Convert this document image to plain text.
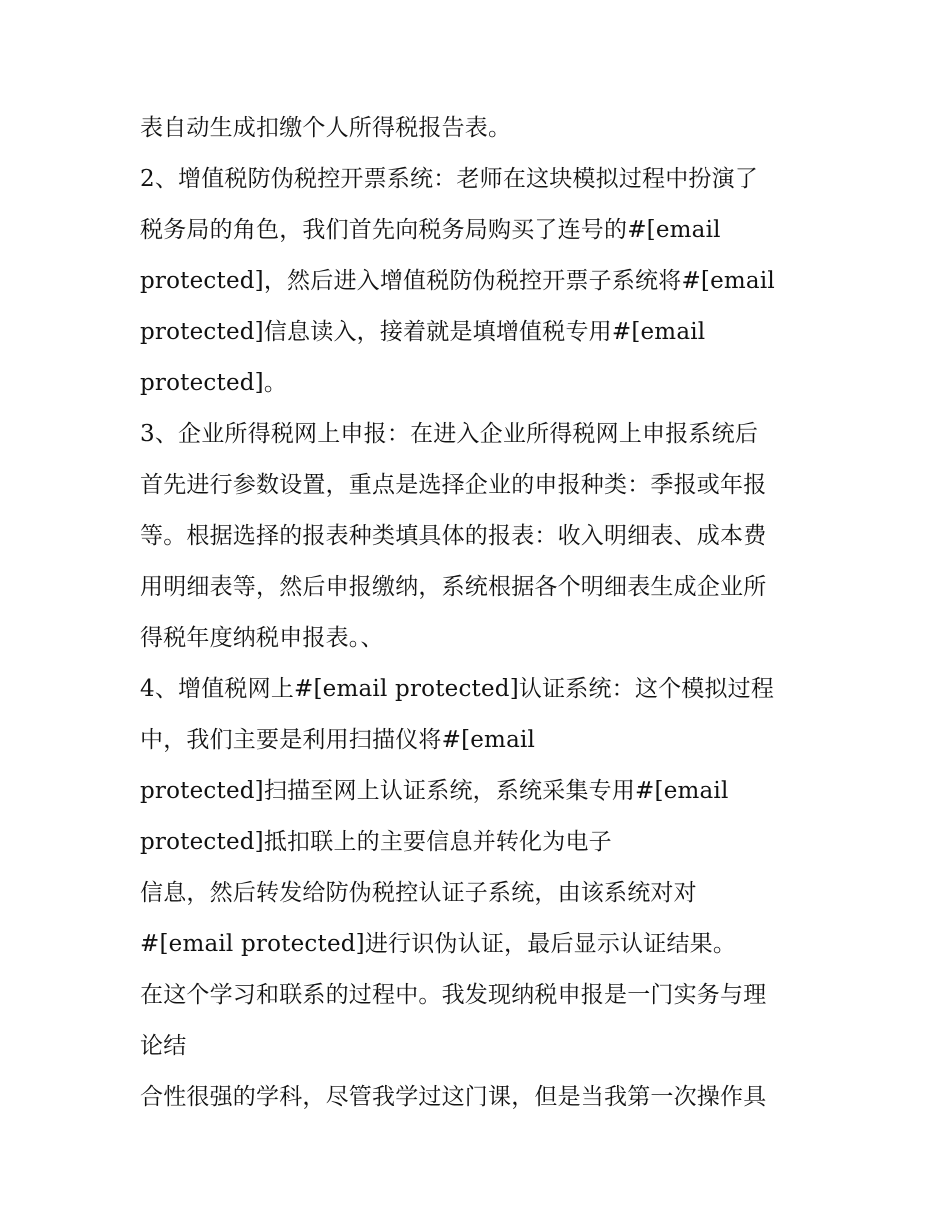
表自动生成扣缴个人所得税报告表。
2、增值税防伪税控开票系统：老师在这块模拟过程中扮演了
税务局的角色，我们首先向税务局购买了连号的#[email
protected]，然后进入增值税防伪税控开票子系统将#[email
protected]信息读入，接着就是填增值税专用#[email
protected]。
3、企业所得税网上申报：在进入企业所得税网上申报系统后
首先进行参数设置，重点是选择企业的申报种类：季报或年报
等。根据选择的报表种类填具体的报表：收入明细表、成本费
用明细表等，然后申报缴纳，系统根据各个明细表生成企业所
得税年度纳税申报表。、
4、增值税网上#[email protected]认证系统：这个模拟过程
中，我们主要是利用扫描仪将#[email
protected]扫描至网上认证系统，系统采集专用#[email
protected]抵扣联上的主要信息并转化为电子
信息，然后转发给防伪税控认证子系统，由该系统对对
#[email protected]进行识伪认证，最后显示认证结果。
在这个学习和联系的过程中。我发现纳税申报是一门实务与理
论结
合性很强的学科，尽管我学过这门课，但是当我第一次操作具
